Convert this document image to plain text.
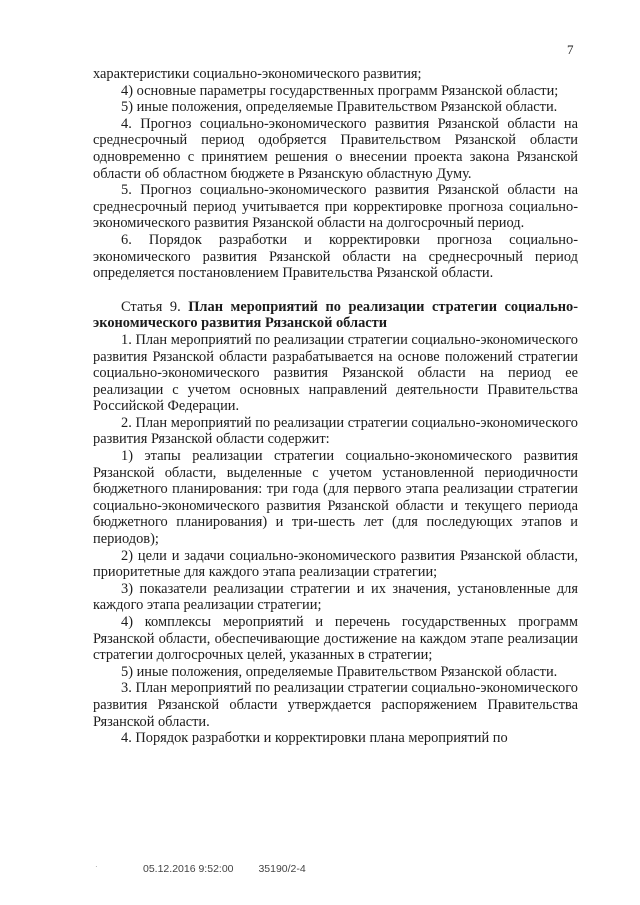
7

характеристики социально-экономического развития;

4) основные параметры государственных программ Рязанской области;

5) иные положения, определяемые Правительством Рязанской области.

4. Прогноз социально-экономического развития Рязанской области на среднесрочный период одобряется Правительством Рязанской области одновременно с принятием решения о внесении проекта закона Рязанской области об областном бюджете в Рязанскую областную Думу.

5. Прогноз социально-экономического развития Рязанской области на среднесрочный период учитывается при корректировке прогноза социально-экономического развития Рязанской области на долгосрочный период.

6. Порядок разработки и корректировки прогноза социально-экономического развития Рязанской области на среднесрочный период определяется постановлением Правительства Рязанской области.

Статья 9. План мероприятий по реализации стратегии социально-экономического развития Рязанской области

1. План мероприятий по реализации стратегии социально-экономического развития Рязанской области разрабатывается на основе положений стратегии социально-экономического развития Рязанской области на период ее реализации с учетом основных направлений деятельности Правительства Российской Федерации.

2. План мероприятий по реализации стратегии социально-экономического развития Рязанской области содержит:

1) этапы реализации стратегии социально-экономического развития Рязанской области, выделенные с учетом установленной периодичности бюджетного планирования: три года (для первого этапа реализации стратегии социально-экономического развития Рязанской области и текущего периода бюджетного планирования) и три-шесть лет (для последующих этапов и периодов);

2) цели и задачи социально-экономического развития Рязанской области, приоритетные для каждого этапа реализации стратегии;

3) показатели реализации стратегии и их значения, установленные для каждого этапа реализации стратегии;

4) комплексы мероприятий и перечень государственных программ Рязанской области, обеспечивающие достижение на каждом этапе реализации стратегии долгосрочных целей, указанных в стратегии;

5) иные положения, определяемые Правительством Рязанской области.

3. План мероприятий по реализации стратегии социально-экономического развития Рязанской области утверждается распоряжением Правительства Рязанской области.

4. Порядок разработки и корректировки плана мероприятий по

·	05.12.2016 9:52:00 35190/2-4
